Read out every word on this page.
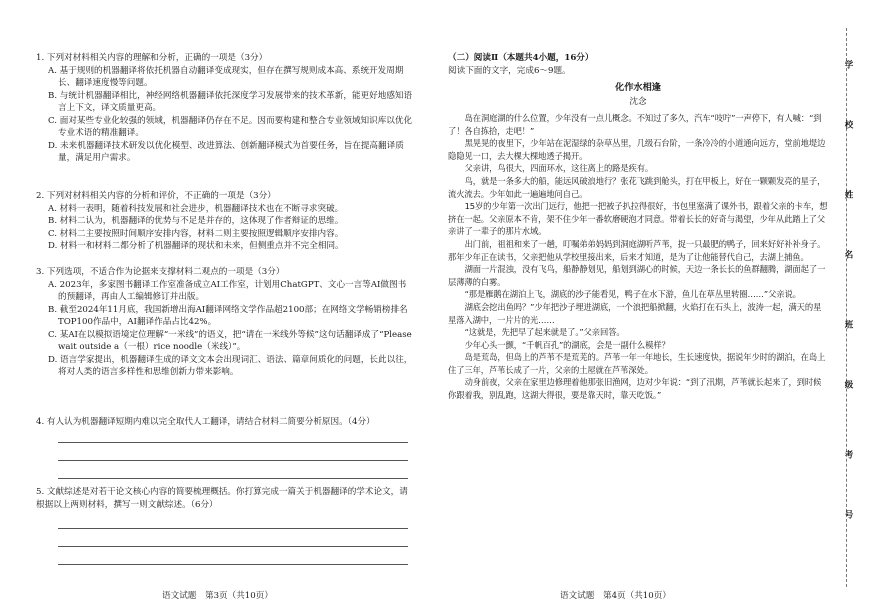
1. 下列对材料相关内容的理解和分析，正确的一项是（3分）
A. 基于规则的机器翻译将依托机器自动翻译变成现实，但存在撰写规则成本高、系统开发周期长、翻译速度慢等问题。
B. 与统计机器翻译相比，神经网络机器翻译依托深度学习发展带来的技术革新，能更好地感知语言上下文，译文质量更高。
C. 面对某些专业化较强的领域，机器翻译仍存在不足。因而要构建和整合专业领域知识库以优化专业术语的精准翻译。
D. 未来机器翻译技术研发以优化模型、改进算法、创新翻译模式为首要任务，旨在提高翻译质量，满足用户需求。
2. 下列对材料相关内容的分析和评价，不正确的一项是（3分）
A. 材料一表明，随着科技发展和社会进步，机器翻译技术也在不断寻求突破。
B. 材料二认为，机器翻译的优势与不足是并存的，这体现了作者辩证的思维。
C. 材料二主要按照时间顺序安排内容，材料二则主要按照逻辑顺序安排内容。
D. 材料一和材料二都分析了机器翻译的现状和未来，但侧重点并不完全相同。
3. 下列选项，不适合作为论据来支撑材料二观点的一项是（3分）
A. 2023年，多家图书翻译工作室准备成立AI工作室，计划用ChatGPT、文心一言等AI做图书的预翻译，再由人工编辑修订并出版。
B. 截至2024年11月底，我国新增出海AI翻译网络文学作品超2100部；在网络文学畅销榜排名TOP100作品中，AI翻译作品占比42%。
C. 某AI在以模拟语境定位理解“一米线”的语义，把“请在一米线外等候”这句话翻译成了“Please wait outside a（一根）rice noodle（米线）”。
D. 语言学家提出，机器翻译生成的译文文本会出现词汇、语法、篇章间质化的问题，长此以往，将对人类的语言多样性和思维创新力带来影响。
4. 有人认为机器翻译短期内难以完全取代人工翻译，请结合材料二简要分析原因。（4分）
5. 文献综述是对若干论文核心内容的简要梳理概括。你打算完成一篇关于机器翻译的学术论文，请根据以上两则材料，撰写一则文献综述。（6分）
语文试题　第3页（共10页）
（二）阅读Ⅱ（本题共4小题，16分）
阅读下面的文字，完成6～9题。
化作水相逢
沈念
岛在洞庭湖的什么位置，少年没有一点儿概念。不知过了多久，汽车“吱咛”一声停下，有人喊：“到了！各自拣拾，走吧！”
黑晃晃的夜里下，少年站在泥湿绿的杂草丛里，几级石台阶，一条冷冷的小道通向远方，堂前地堤边隐隐见一口，去大棵大棵地透子揭开。
父亲讲，鸟很大，四面环水，这往离上的路是疾有。
鸟，就是一条多大的船，能远风破浪地行？张花飞跳到舱头，打在甲板上，好在一颗颗发亮的星子，流火流去。少年如此一遍遍地问自己。
15岁的少年第一次出门远行，他把一把被子扒拉得很好，书包里塞满了课外书，跟着父亲的卡车，想挤在一起。父亲原本不肯，架不住少年一番软磨硬泡才同意。带着长长的好奇与渴望，少年从此踏上了父亲讲了一辈子的那片水域。
出门前，祖祖和来了一趟，叮嘱弟弟妈妈到洞庭湖听芦苇，捉一只最肥的鸭子，回来好好补补身子。那年少年正在读书，父亲把他从学校里接出来，后来才知道，是为了让他能替代自己，去湖上捕鱼。
湖面一片混浊，没有飞鸟，船静静划见，船划到湖心的时候，天边一条长长的鱼群翻腾，湖面起了一层薄薄的白雾。
“那是雁鹅在湖泊上飞，湖底的沙子能看见，鸭子在水下游，鱼儿在草丛里转圈……”父亲说。
湖底会挖出鱼吗？”少年把沙子埋进湖底，一个浪把船掀翻，火焰打在石头上，波涛一起，满天的星星落入湖中，一片片的光……
“这就是，先把早了起来就是了。”父亲回答。
少年心头一颤，“千帆百孔”的湖底，会是一副什么模样？
岛是荒岛，但岛上的芦苇不是荒芜的。芦苇一年一年地长，生长速度快，据说年少时的湖泊，在岛上住了三年，芦苇长成了一片，父亲的土屋就在芦苇深处。
动身前夜，父亲在家里边修理着他那张旧渔网，边对少年说：“到了汛期，芦苇就长起来了，到时候你跟着我，别乱跑，这湖大得很，要是靠天时，靠天吃饭。”
语文试题　第4页（共10页）
学
校
姓
名
班
级
考
号
